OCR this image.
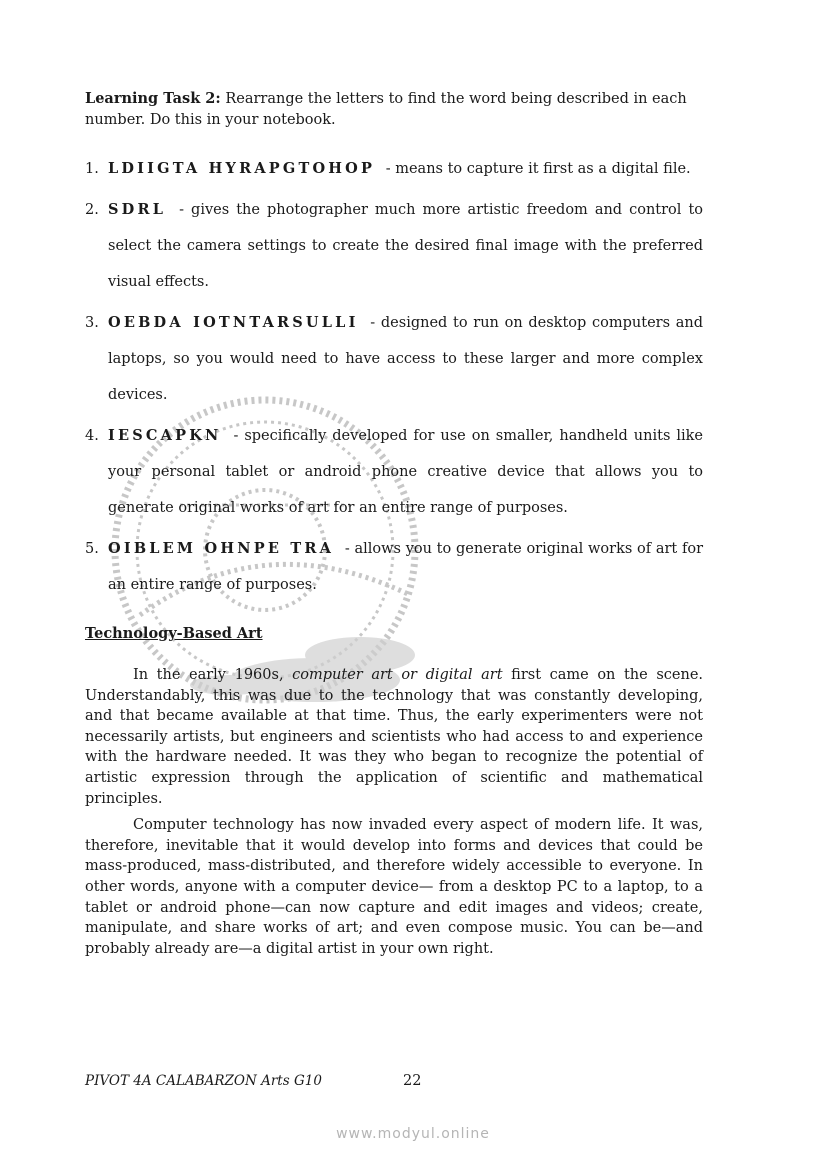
Learning Task 2: Rearrange the letters to find the word being described in each number. Do this in your notebook.

1. LDIIGTA HYRAPGTOHOP - means to capture it first as a digital file.
2. SDRL - gives the photographer much more artistic freedom and control to select the camera settings to create the desired final image with the preferred visual effects.
3. OEBDA IOTNTARSULLI - designed to run on desktop computers and laptops, so you would need to have access to these larger and more complex devices.
4. IESCAPKN - specifically developed for use on smaller, handheld units like your personal tablet or android phone creative device that allows you to generate original works of art for an entire range of purposes.
5. OIBLEM OHNPE TRA - allows you to generate original works of art for an entire range of purposes.
Technology-Based Art

In the early 1960s, computer art or digital art first came on the scene. Understandably, this was due to the technology that was constantly developing, and that became available at that time. Thus, the early experimenters were not necessarily artists, but engineers and scientists who had access to and experience with the hardware needed. It was they who began to recognize the potential of artistic expression through the application of scientific and mathematical principles.

Computer technology has now invaded every aspect of modern life. It was, therefore, inevitable that it would develop into forms and devices that could be mass-produced, mass-distributed, and therefore widely accessible to everyone. In other words, anyone with a computer device— from a desktop PC to a laptop, to a tablet or android phone—can now capture and edit images and videos; create, manipulate, and share works of art; and even compose music. You can be—and probably already are—a digital artist in your own right.

PIVOT 4A CALABARZON Arts G10	22
www.modyul.online
